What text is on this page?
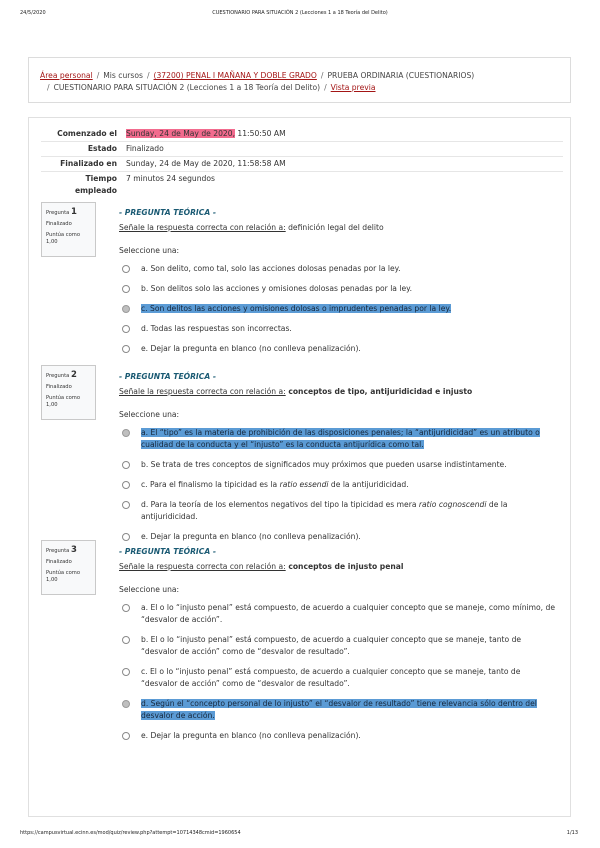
24/5/2020	CUESTIONARIO PARA SITUACIÓN 2 (Lecciones 1 a 18 Teoría del Delito)
Área personal / Mis cursos / (37200) PENAL I MAÑANA Y DOBLE GRADO / PRUEBA ORDINARIA (CUESTIONARIOS)
/ CUESTIONARIO PARA SITUACIÓN 2 (Lecciones 1 a 18 Teoría del Delito) / Vista previa
Comenzado el	Sunday, 24 de May de 2020, 11:50:50 AM
Estado	Finalizado
Finalizado en	Sunday, 24 de May de 2020, 11:58:58 AM
Tiempo empleado
7 minutos 24 segundos
Pregunta 1
Finalizado
Puntúa como 1,00
- PREGUNTA TEÓRICA -
Señale la respuesta correcta con relación a: definición legal del delito
Seleccione una:
a. Son delito, como tal, solo las acciones dolosas penadas por la ley.
b. Son delitos solo las acciones y omisiones dolosas penadas por la ley.
c. Son delitos las acciones y omisiones dolosas o imprudentes penadas por la ley.
d. Todas las respuestas son incorrectas.
e. Dejar la pregunta en blanco (no conlleva penalización).
Pregunta 2
Finalizado
Puntúa como 1,00
- PREGUNTA TEÓRICA -
Señale la respuesta correcta con relación a: conceptos de tipo, antijuridicidad e injusto
Seleccione una:
a. El “tipo” es la materia de prohibición de las disposiciones penales; la “antijuridicidad” es un atributo o cualidad de la conducta y el “injusto” es la conducta antijurídica como tal.
b. Se trata de tres conceptos de significados muy próximos que pueden usarse indistintamente.
c. Para el finalismo la tipicidad es la ratio essendi de la antijuridicidad.
d. Para la teoría de los elementos negativos del tipo la tipicidad es mera ratio cognoscendi de la antijuridicidad.
e. Dejar la pregunta en blanco (no conlleva penalización).
Pregunta 3
Finalizado
Puntúa como 1,00
- PREGUNTA TEÓRICA -
Señale la respuesta correcta con relación a: conceptos de injusto penal
Seleccione una:
a. El o lo “injusto penal” está compuesto, de acuerdo a cualquier concepto que se maneje, como mínimo, de “desvalor de acción”.
b. El o lo “injusto penal” está compuesto, de acuerdo a cualquier concepto que se maneje, tanto de “desvalor de acción” como de “desvalor de resultado”.
c. El o lo “injusto penal” está compuesto, de acuerdo a cualquier concepto que se maneje, tanto de “desvalor de acción” como de “desvalor de resultado”.
d. Según el “concepto personal de lo injusto” el “desvalor de resultado” tiene relevancia sólo dentro del desvalor de acción.
e. Dejar la pregunta en blanco (no conlleva penalización).
https://campusvirtual.ecinn.es/mod/quiz/review.php?attempt=10714348cmid=1960654	1/13
